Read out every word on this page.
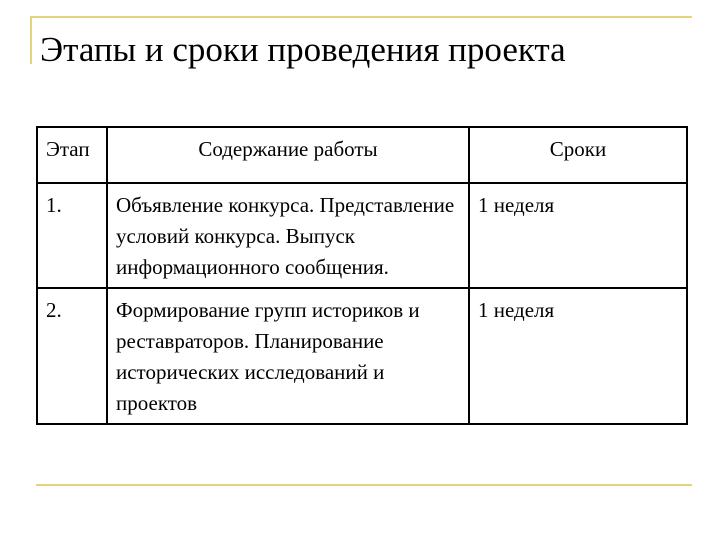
Этапы и сроки проведения проекта
Этап	Содержание работы	Сроки
1.	Объявление конкурса. Представление условий конкурса. Выпуск информационного сообщения.	1 неделя
2.	Формирование групп историков и реставраторов. Планирование исторических исследований и проектов	1 неделя
